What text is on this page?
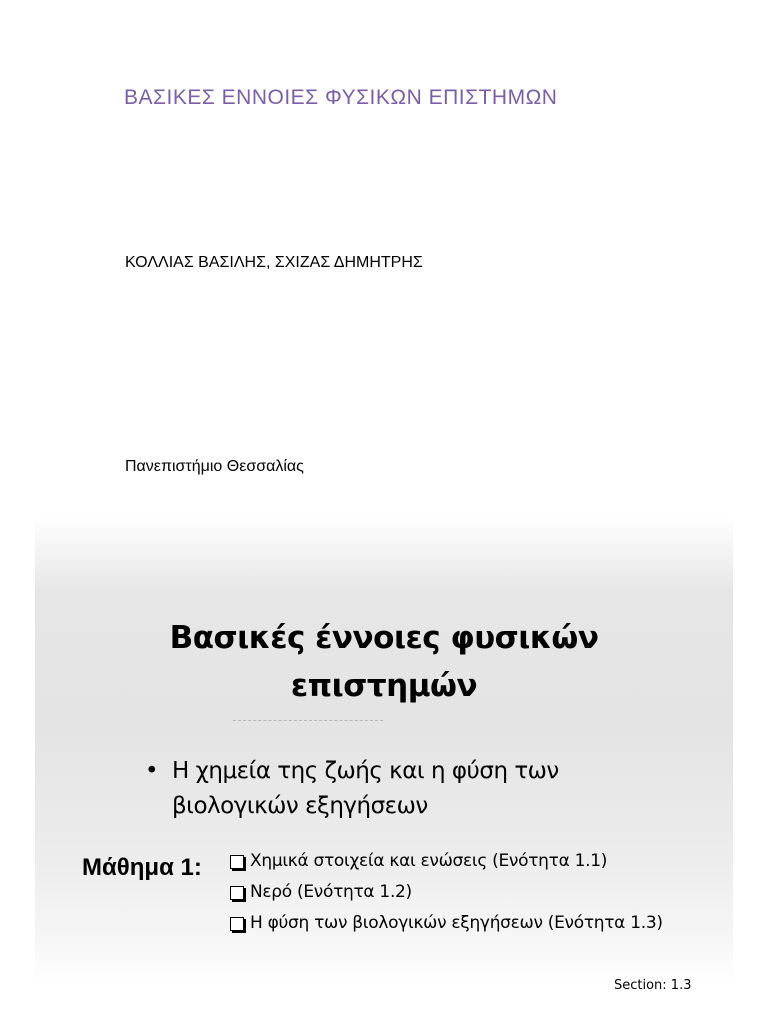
ΒΑΣΙΚΕΣ ΕΝΝΟΙΕΣ ΦΥΣΙΚΩΝ ΕΠΙΣΤΗΜΩΝ
ΚΟΛΛΙΑΣ ΒΑΣΙΛΗΣ, ΣΧΙΖΑΣ ΔΗΜΗΤΡΗΣ
Πανεπιστήμιο Θεσσαλίας
Βασικές έννοιες φυσικών
επιστημών
• Η χημεία της ζωής και η φύση των
βιολογικών εξηγήσεων
Μάθημα 1:	Χημικά στοιχεία και ενώσεις (Ενότητα 1.1)
Νερό (Ενότητα 1.2)
Η φύση των βιολογικών εξηγήσεων (Ενότητα 1.3)
Section: 1.3
